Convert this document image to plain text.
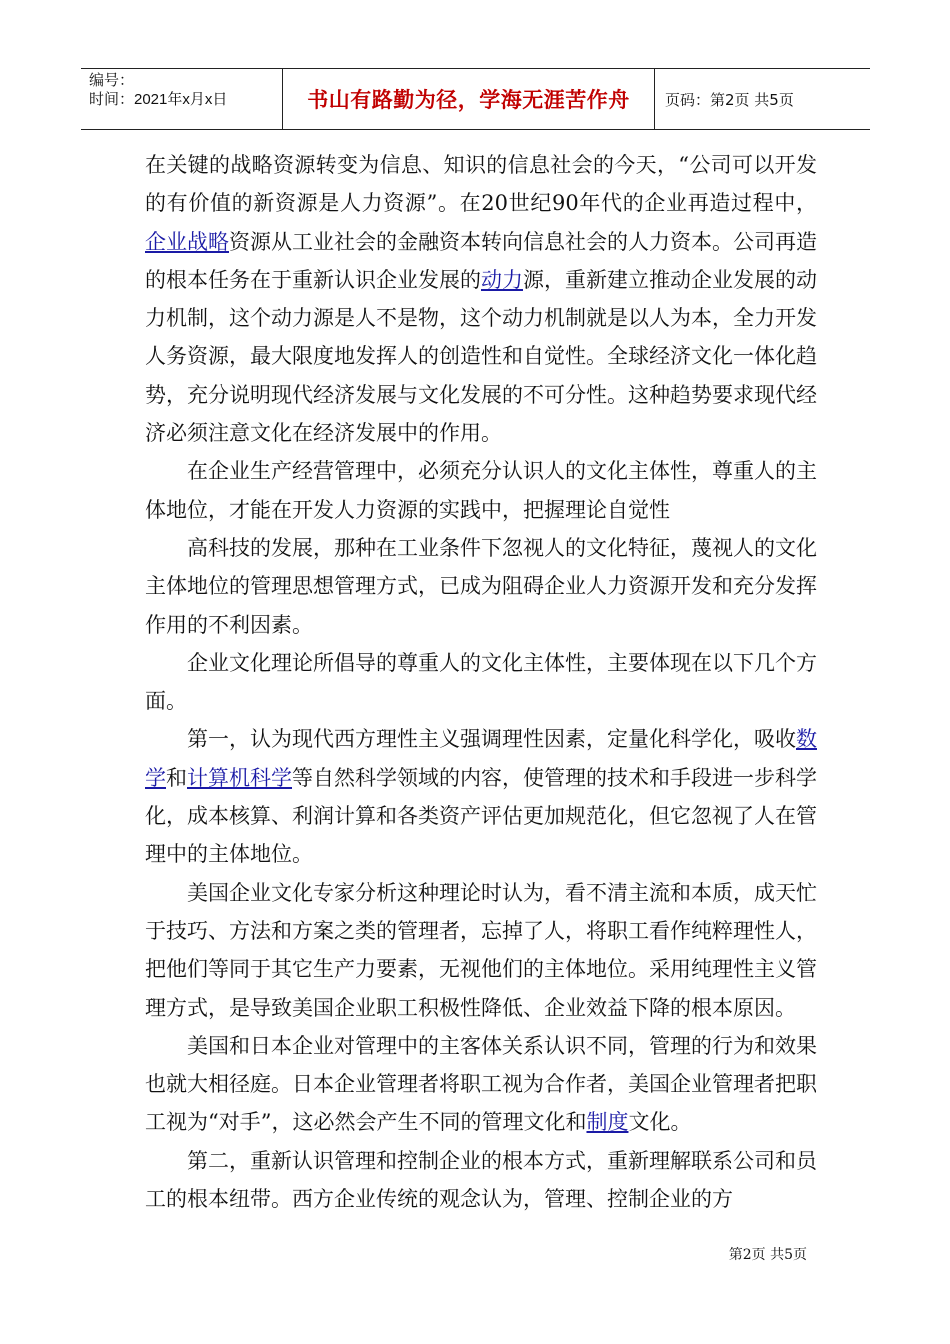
编号：
时间：2021年x月x日	书山有路勤为径，学海无涯苦作舟 页码：第2页 共5页

在关键的战略资源转变为信息、知识的信息社会的今天，“公司可以开发的有价值的新资源是人力资源”。在20世纪90年代的企业再造过程中，企业战略资源从工业社会的金融资本转向信息社会的人力资本。公司再造的根本任务在于重新认识企业发展的动力源，重新建立推动企业发展的动力机制，这个动力源是人不是物，这个动力机制就是以人为本，全力开发人务资源，最大限度地发挥人的创造性和自觉性。全球经济文化一体化趋势，充分说明现代经济发展与文化发展的不可分性。这种趋势要求现代经济必须注意文化在经济发展中的作用。

在企业生产经营管理中，必须充分认识人的文化主体性，尊重人的主体地位，才能在开发人力资源的实践中，把握理论自觉性

高科技的发展，那种在工业条件下忽视人的文化特征，蔑视人的文化主体地位的管理思想管理方式，已成为阻碍企业人力资源开发和充分发挥作用的不利因素。

企业文化理论所倡导的尊重人的文化主体性，主要体现在以下几个方面。

第一，认为现代西方理性主义强调理性因素，定量化科学化，吸收数学和计算机科学等自然科学领域的内容，使管理的技术和手段进一步科学化，成本核算、利润计算和各类资产评估更加规范化，但它忽视了人在管理中的主体地位。

美国企业文化专家分析这种理论时认为，看不清主流和本质，成天忙于技巧、方法和方案之类的管理者，忘掉了人，将职工看作纯粹理性人，把他们等同于其它生产力要素，无视他们的主体地位。采用纯理性主义管理方式，是导致美国企业职工积极性降低、企业效益下降的根本原因。

美国和日本企业对管理中的主客体关系认识不同，管理的行为和效果也就大相径庭。日本企业管理者将职工视为合作者，美国企业管理者把职工视为“对手”，这必然会产生不同的管理文化和制度文化。

第二，重新认识管理和控制企业的根本方式，重新理解联系公司和员工的根本纽带。西方企业传统的观念认为，管理、控制企业的方

第2页 共5页
